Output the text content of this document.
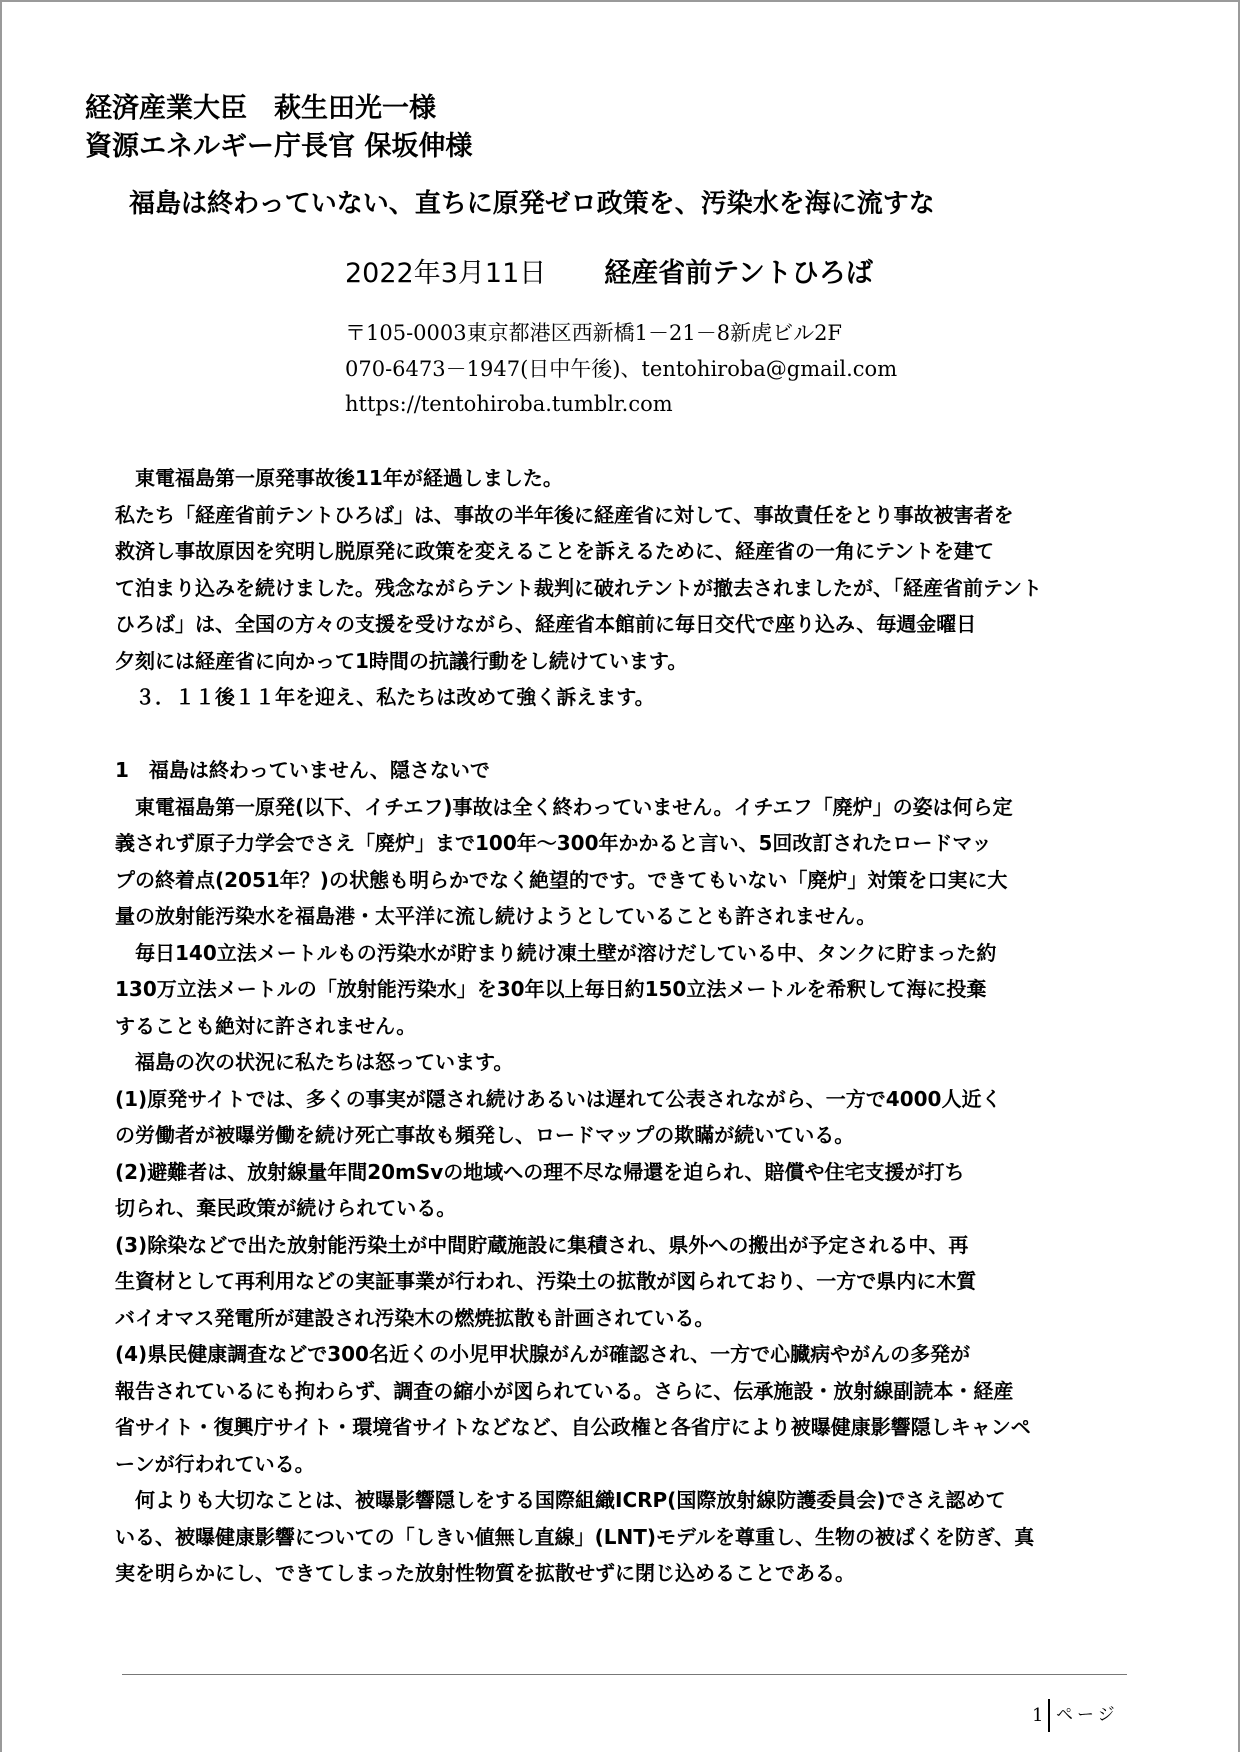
経済産業大臣　萩生田光一様
資源エネルギー庁長官 保坂伸様
福島は終わっていない、直ちに原発ゼロ政策を、汚染水を海に流すな
2022年3月11日 経産省前テントひろば
〒105-0003東京都港区西新橋1－21－8新虎ビル2F
070-6473－1947(日中午後)、tentohiroba@gmail.com
https://tentohiroba.tumblr.com
　東電福島第一原発事故後11年が経過しました。
私たち「経産省前テントひろば」は、事故の半年後に経産省に対して、事故責任をとり事故被害者を
救済し事故原因を究明し脱原発に政策を変えることを訴えるために、経産省の一角にテントを建て
て泊まり込みを続けました。残念ながらテント裁判に破れテントが撤去されましたが、「経産省前テント
ひろば」は、全国の方々の支援を受けながら、経産省本館前に毎日交代で座り込み、毎週金曜日
夕刻には経産省に向かって1時間の抗議行動をし続けています。
　３．１１後１１年を迎え、私たちは改めて強く訴えます。
1　福島は終わっていません、隠さないで
　東電福島第一原発(以下、イチエフ)事故は全く終わっていません。イチエフ「廃炉」の姿は何ら定
義されず原子力学会でさえ「廃炉」まで100年～300年かかると言い、5回改訂されたロードマッ
プの終着点(2051年？)の状態も明らかでなく絶望的です。できてもいない「廃炉」対策を口実に大
量の放射能汚染水を福島港・太平洋に流し続けようとしていることも許されません。
　毎日140立法メートルもの汚染水が貯まり続け凍土壁が溶けだしている中、タンクに貯まった約
130万立法メートルの「放射能汚染水」を30年以上毎日約150立法メートルを希釈して海に投棄
することも絶対に許されません。
　福島の次の状況に私たちは怒っています。
(1)原発サイトでは、多くの事実が隠され続けあるいは遅れて公表されながら、一方で4000人近く
の労働者が被曝労働を続け死亡事故も頻発し、ロードマップの欺瞞が続いている。
(2)避難者は、放射線量年間20mSvの地域への理不尽な帰還を迫られ、賠償や住宅支援が打ち
切られ、棄民政策が続けられている。
(3)除染などで出た放射能汚染土が中間貯蔵施設に集積され、県外への搬出が予定される中、再
生資材として再利用などの実証事業が行われ、汚染土の拡散が図られており、一方で県内に木質
バイオマス発電所が建設され汚染木の燃焼拡散も計画されている。
(4)県民健康調査などで300名近くの小児甲状腺がんが確認され、一方で心臓病やがんの多発が
報告されているにも拘わらず、調査の縮小が図られている。さらに、伝承施設・放射線副読本・経産
省サイト・復興庁サイト・環境省サイトなどなど、自公政権と各省庁により被曝健康影響隠しキャンペ
ーンが行われている。
　何よりも大切なことは、被曝影響隠しをする国際組織ICRP(国際放射線防護委員会)でさえ認めて
いる、被曝健康影響についての「しきい値無し直線」(LNT)モデルを尊重し、生物の被ばくを防ぎ、真
実を明らかにし、できてしまった放射性物質を拡散せずに閉じ込めることである。
1 ページ
